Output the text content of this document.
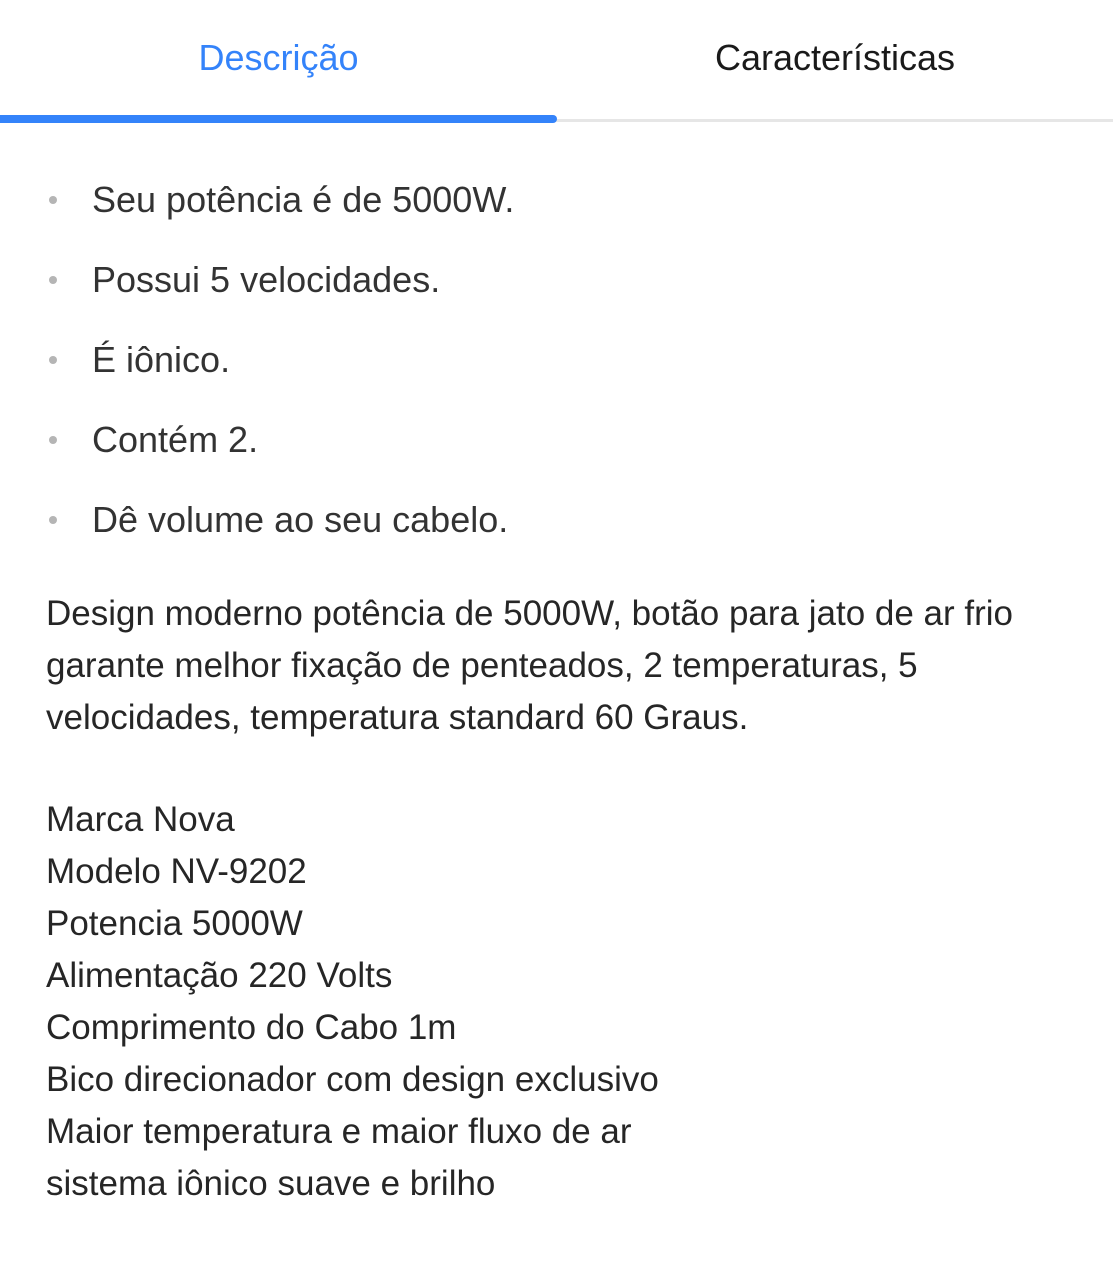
Descrição	Características
Seu potência é de 5000W.
Possui 5 velocidades.
É iônico.
Contém 2.
Dê volume ao seu cabelo.

Design moderno potência de 5000W, botão para jato de ar frio garante melhor fixação de penteados, 2 temperaturas, 5 velocidades, temperatura standard 60 Graus.

Marca Nova
Modelo NV-9202
Potencia 5000W
Alimentação 220 Volts
Comprimento do Cabo 1m
Bico direcionador com design exclusivo
Maior temperatura e maior fluxo de ar
sistema iônico suave e brilho
